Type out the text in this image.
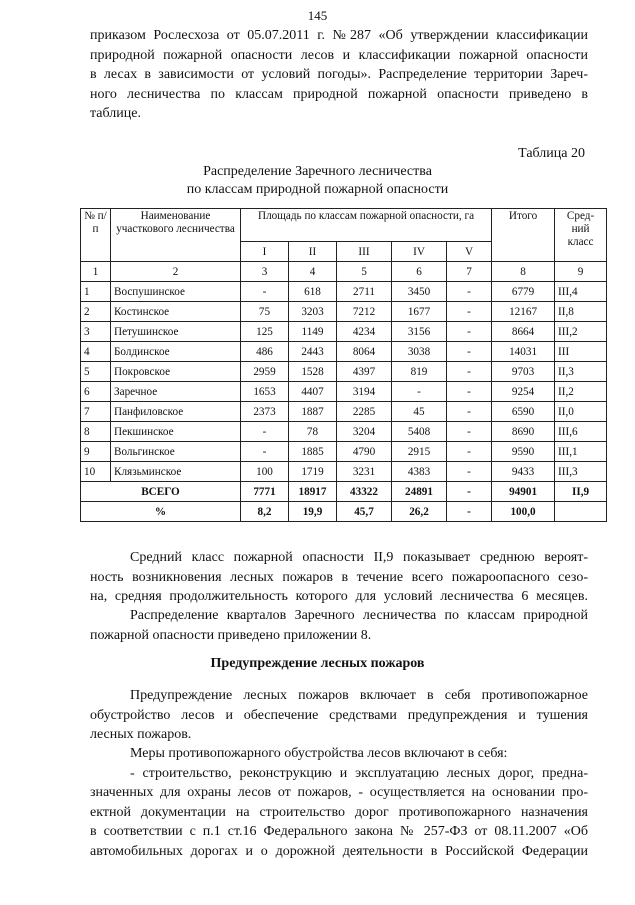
145
приказом Рослесхоза от 05.07.2011 г. №287 «Об утверждении классификации
природной пожарной опасности лесов и классификации пожарной опасности
в лесах в зависимости от условий погоды». Распределение территории Зареч-
ного лесничества по классам природной пожарной опасности приведено в
таблице.
Таблица 20
Распределение Заречного лесничества
по классам природной пожарной опасности
№ п/п	Наименование участкового лесничества	Площадь по классам пожарной опасности, га					Итого	Сред-ний класс
		I	II	III	IV	V		
1	2	3	4	5	6	7	8	9
1	Воспушинское	-	618	2711	3450	-	6779	III,4
2	Костинское	75	3203	7212	1677	-	12167	II,8
3	Петушинское	125	1149	4234	3156	-	8664	III,2
4	Болдинское	486	2443	8064	3038	-	14031	III
5	Покровское	2959	1528	4397	819	-	9703	II,3
6	Заречное	1653	4407	3194	-	-	9254	II,2
7	Панфиловское	2373	1887	2285	45	-	6590	II,0
8	Пекшинское	-	78	3204	5408	-	8690	III,6
9	Вольгинское	-	1885	4790	2915	-	9590	III,1
10	Клязьминское	100	1719	3231	4383	-	9433	III,3
ВСЕГО		7771	18917	43322	24891	-	94901	II,9
%		8,2	19,9	45,7	26,2	-	100,0	
Средний класс пожарной опасности II,9 показывает среднюю вероят-
ность возникновения лесных пожаров в течение всего пожароопасного сезо-
на, средняя продолжительность которого для условий лесничества 6 месяцев.
Распределение кварталов Заречного лесничества по классам природной
пожарной опасности приведено приложении 8.
Предупреждение лесных пожаров
Предупреждение лесных пожаров включает в себя противопожарное
обустройство лесов и обеспечение средствами предупреждения и тушения
лесных пожаров.
Меры противопожарного обустройства лесов включают в себя:
- строительство, реконструкцию и эксплуатацию лесных дорог, предна-
значенных для охраны лесов от пожаров, - осуществляется на основании про-
ектной документации на строительство дорог противопожарного назначения
в соответствии с п.1 ст.16 Федерального закона № 257-ФЗ от 08.11.2007 «Об
автомобильных дорогах и о дорожной деятельности в Российской Федерации
